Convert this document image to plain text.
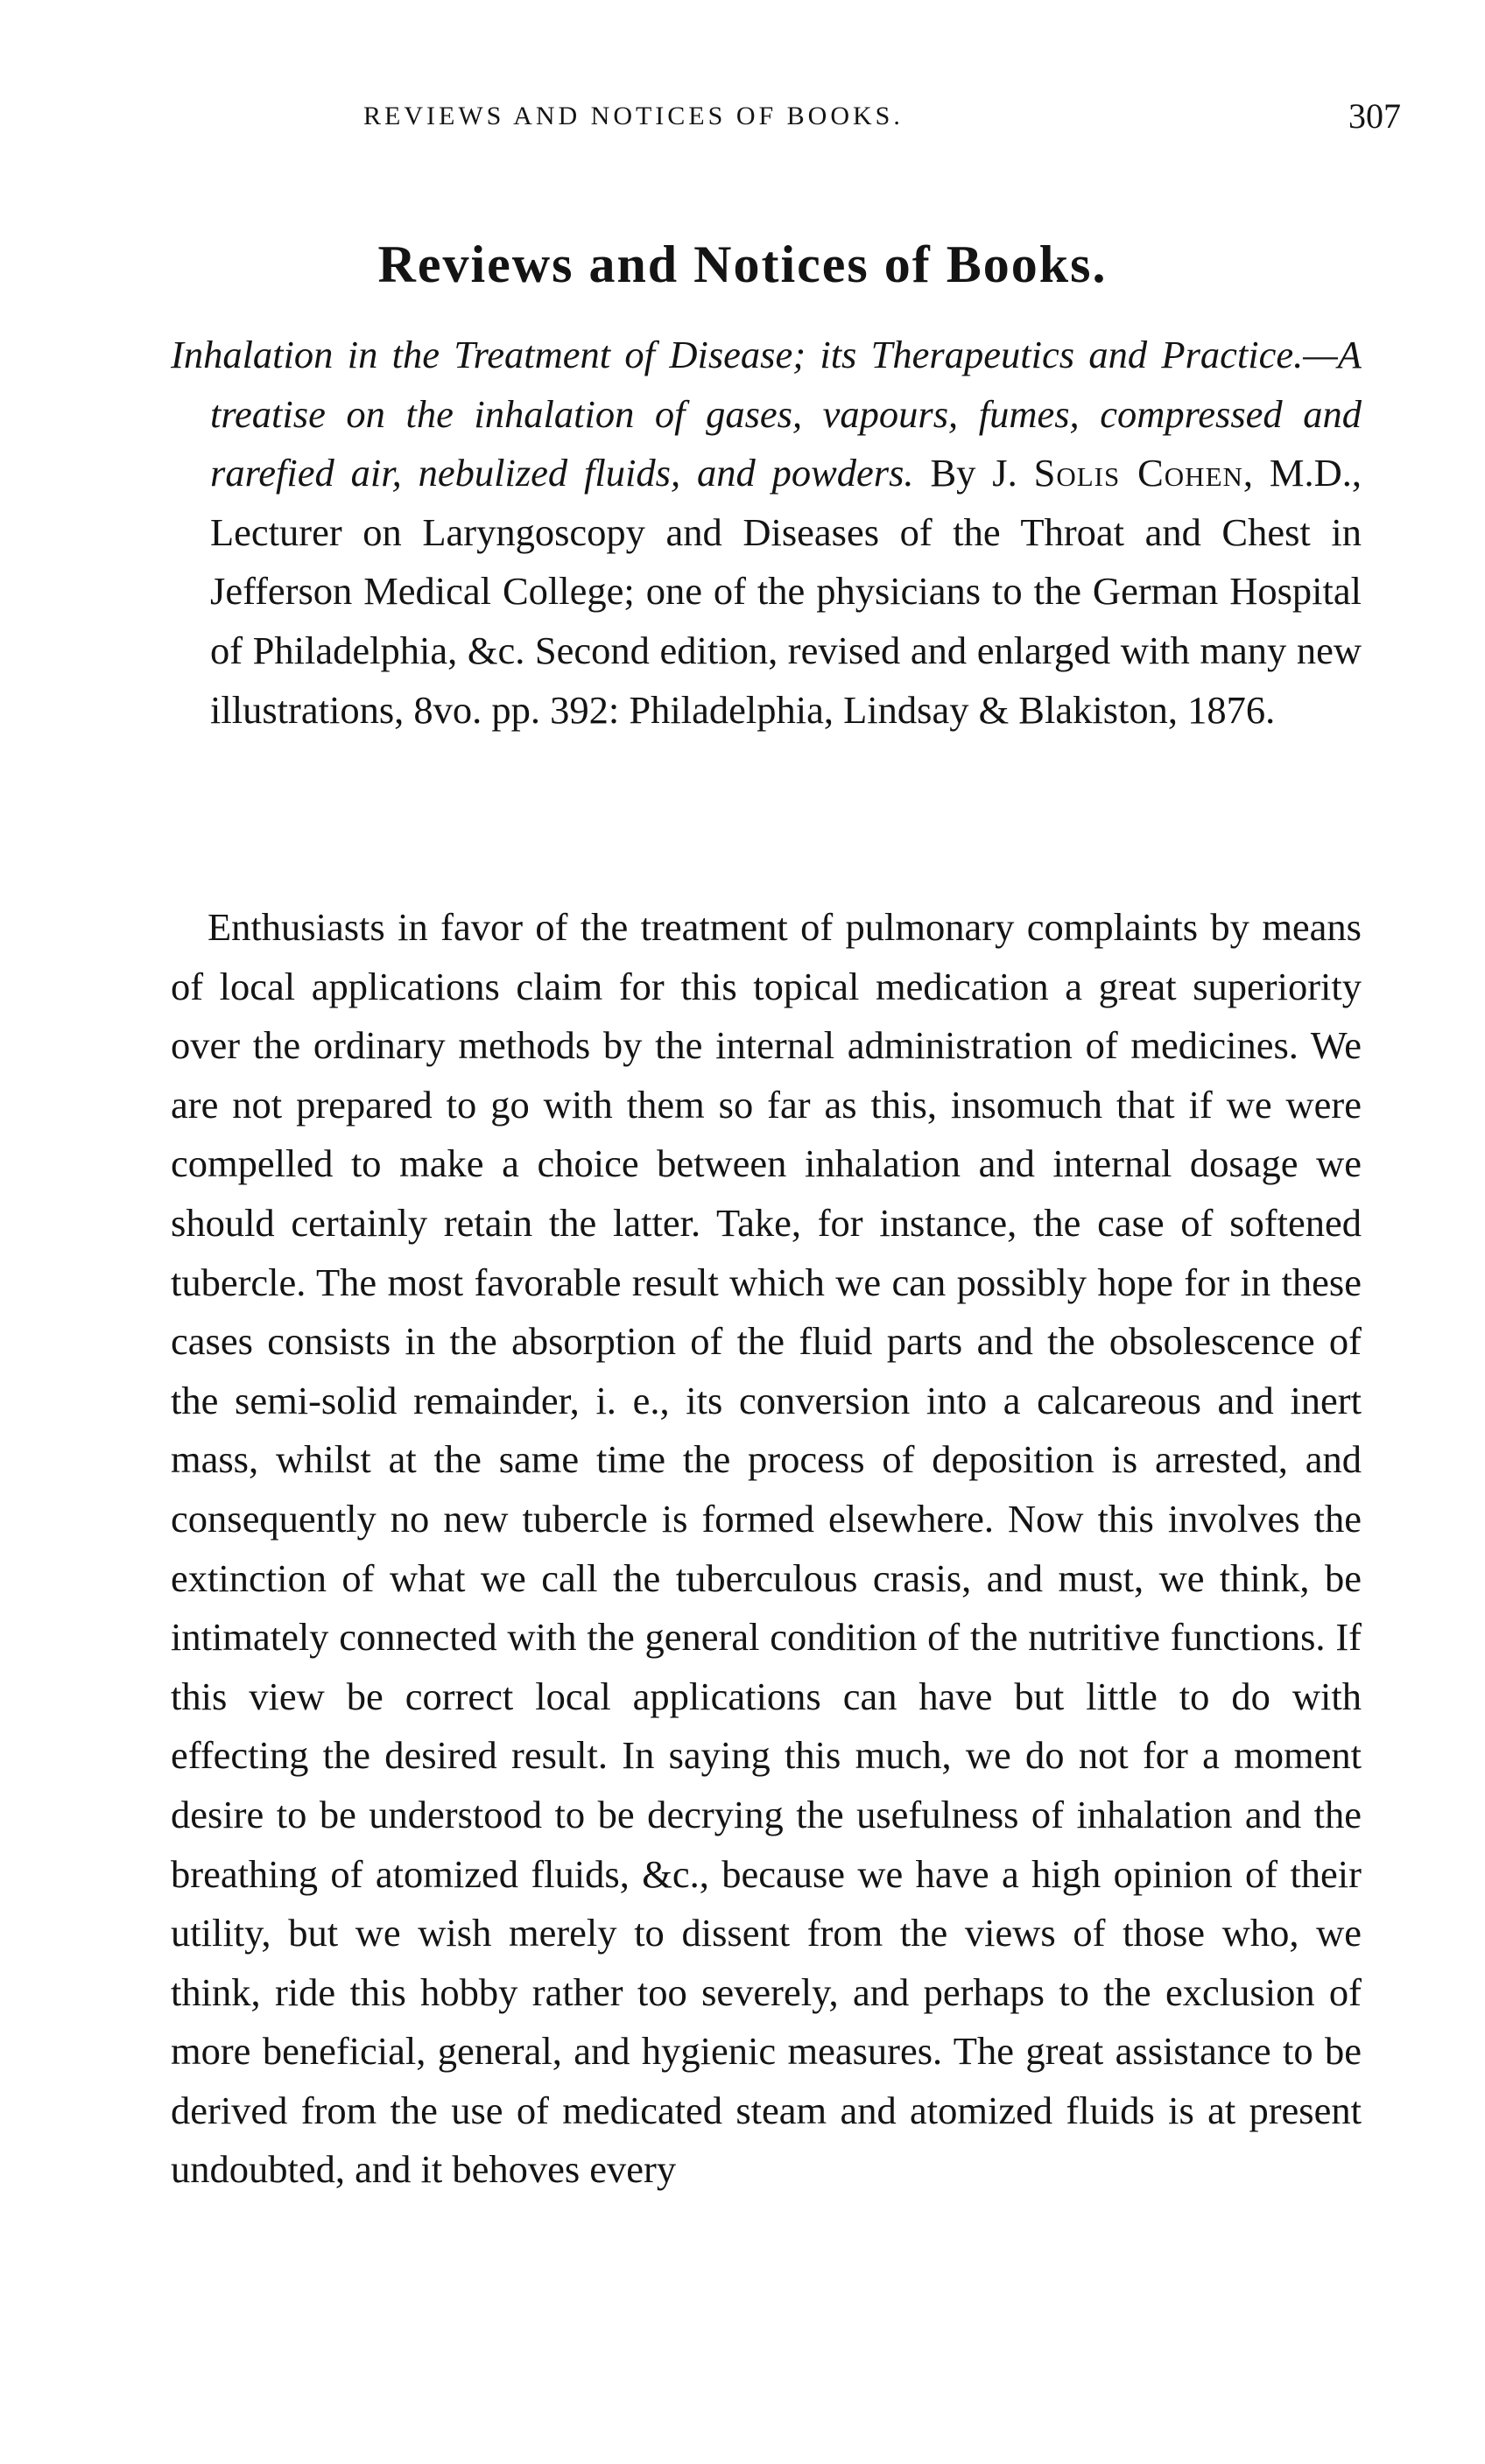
REVIEWS AND NOTICES OF BOOKS.	307
Reviews and Notices of Books.

Inhalation in the Treatment of Disease; its Therapeutics and Practice.—A treatise on the inhalation of gases, vapours, fumes, compressed and rarefied air, nebulized fluids, and powders. By J. Solis Cohen, M.D., Lecturer on Laryngoscopy and Diseases of the Throat and Chest in Jefferson Medical College; one of the physicians to the German Hospital of Philadelphia, &c. Second edition, revised and enlarged with many new illustrations, 8vo. pp. 392: Philadelphia, Lindsay & Blakiston, 1876.

Enthusiasts in favor of the treatment of pulmonary complaints by means of local applications claim for this topical medication a great superiority over the ordinary methods by the internal administration of medicines. We are not prepared to go with them so far as this, insomuch that if we were compelled to make a choice between inhalation and internal dosage we should certainly retain the latter. Take, for instance, the case of softened tubercle. The most favorable result which we can possibly hope for in these cases consists in the absorption of the fluid parts and the obsolescence of the semi-solid remainder, i. e., its conversion into a calcareous and inert mass, whilst at the same time the process of deposition is arrested, and consequently no new tubercle is formed elsewhere. Now this involves the extinction of what we call the tuberculous crasis, and must, we think, be intimately connected with the general condition of the nutritive functions. If this view be correct local applications can have but little to do with effecting the desired result. In saying this much, we do not for a moment desire to be understood to be decrying the usefulness of inhalation and the breathing of atomized fluids, &c., because we have a high opinion of their utility, but we wish merely to dissent from the views of those who, we think, ride this hobby rather too severely, and perhaps to the exclusion of more beneficial, general, and hygienic measures. The great assistance to be derived from the use of medicated steam and atomized fluids is at present undoubted, and it behoves every
